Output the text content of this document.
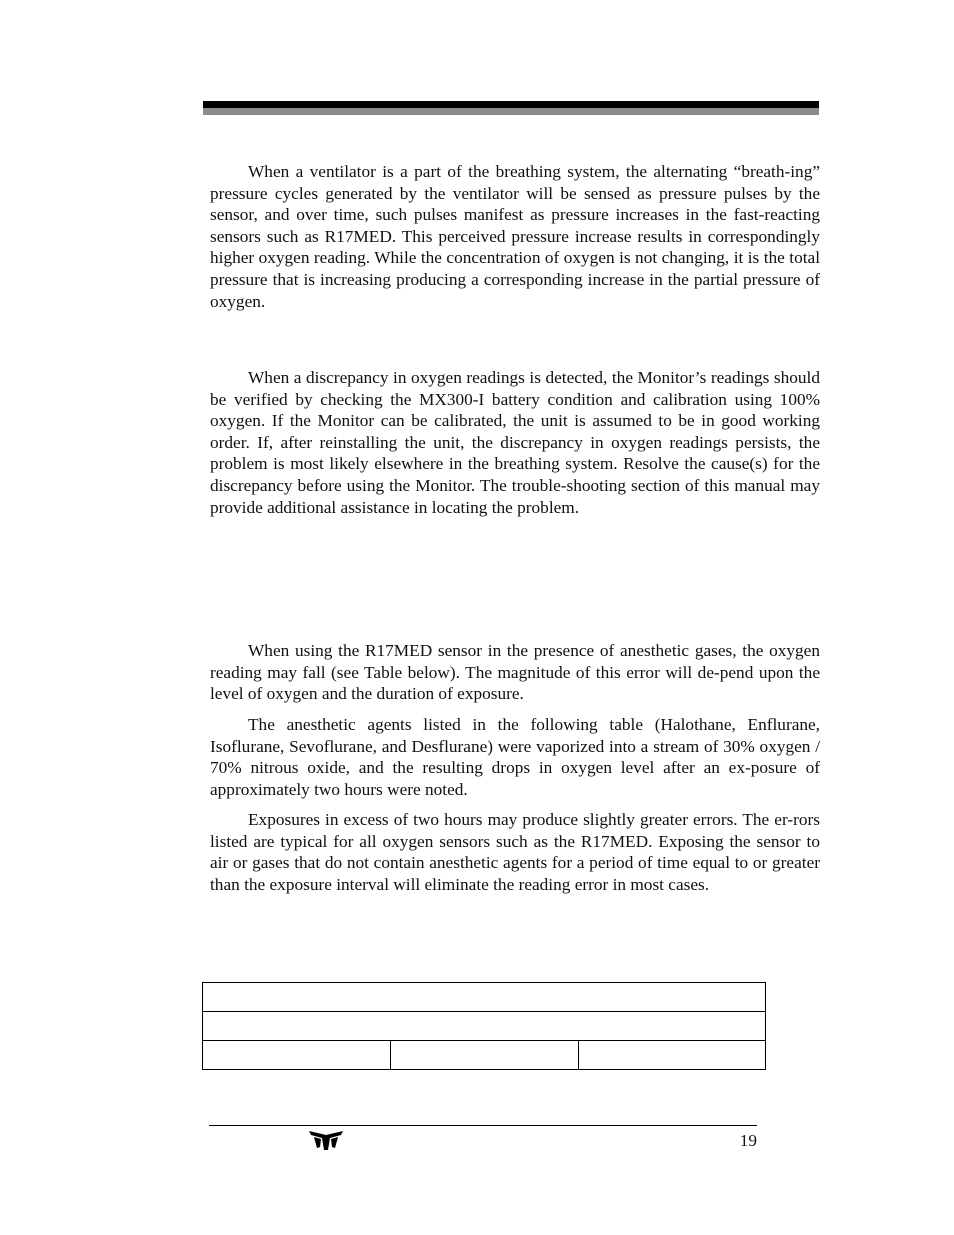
When a ventilator is a part of the breathing system, the alternating “breath-ing” pressure cycles generated by the ventilator will be sensed as pressure pulses by the sensor, and over time, such pulses manifest as pressure increases in the fast-reacting sensors such as R17MED. This perceived pressure increase results in correspondingly higher oxygen reading. While the concentration of oxygen is not changing, it is the total pressure that is increasing producing a corresponding increase in the partial pressure of oxygen.

When a discrepancy in oxygen readings is detected, the Monitor’s readings should be verified by checking the MX300-I battery condition and calibration using 100% oxygen. If the Monitor can be calibrated, the unit is assumed to be in good working order. If, after reinstalling the unit, the discrepancy in oxygen readings persists, the problem is most likely elsewhere in the breathing system. Resolve the cause(s) for the discrepancy before using the Monitor. The trouble-shooting section of this manual may provide additional assistance in locating the problem.

When using the R17MED sensor in the presence of anesthetic gases, the oxygen reading may fall (see Table below). The magnitude of this error will de-pend upon the level of oxygen and the duration of exposure.

The anesthetic agents listed in the following table (Halothane, Enflurane, Isoflurane, Sevoflurane, and Desflurane) were vaporized into a stream of 30% oxygen / 70% nitrous oxide, and the resulting drops in oxygen level after an ex-posure of approximately two hours were noted.

Exposures in excess of two hours may produce slightly greater errors. The er-rors listed are typical for all oxygen sensors such as the R17MED. Exposing the sensor to air or gases that do not contain anesthetic agents for a period of time equal to or greater than the exposure interval will eliminate the reading error in most cases.

19
